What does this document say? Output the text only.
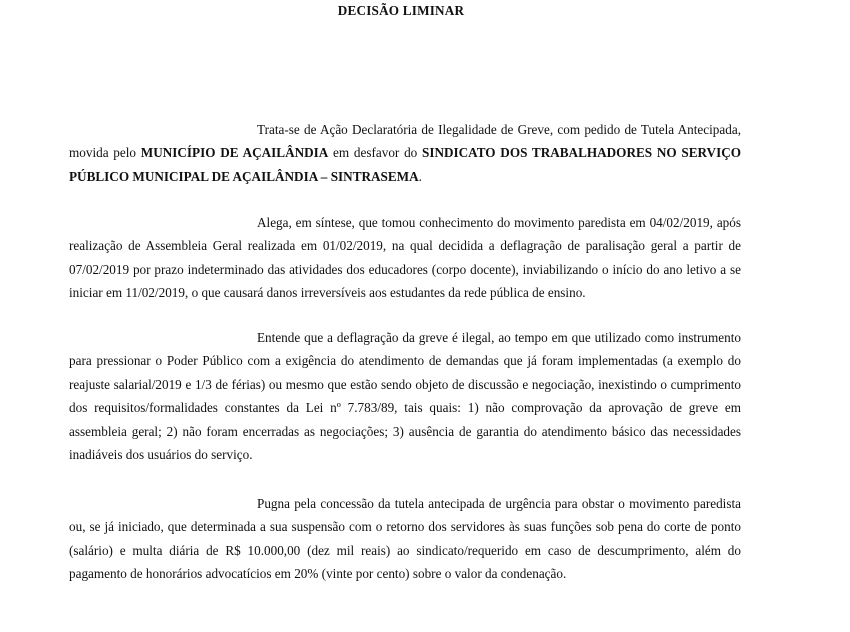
DECISÃO LIMINAR
Trata-se de Ação Declaratória de Ilegalidade de Greve, com pedido de Tutela Antecipada, movida pelo MUNICÍPIO DE AÇAILÂNDIA em desfavor do SINDICATO DOS TRABALHADORES NO SERVIÇO PÚBLICO MUNICIPAL DE AÇAILÂNDIA – SINTRASEMA.
Alega, em síntese, que tomou conhecimento do movimento paredista em 04/02/2019, após realização de Assembleia Geral realizada em 01/02/2019, na qual decidida a deflagração de paralisação geral a partir de 07/02/2019 por prazo indeterminado das atividades dos educadores (corpo docente), inviabilizando o início do ano letivo a se iniciar em 11/02/2019, o que causará danos irreversíveis aos estudantes da rede pública de ensino.
Entende que a deflagração da greve é ilegal, ao tempo em que utilizado como instrumento para pressionar o Poder Público com a exigência do atendimento de demandas que já foram implementadas (a exemplo do reajuste salarial/2019 e 1/3 de férias) ou mesmo que estão sendo objeto de discussão e negociação, inexistindo o cumprimento dos requisitos/formalidades constantes da Lei nº 7.783/89, tais quais: 1) não comprovação da aprovação de greve em assembleia geral; 2) não foram encerradas as negociações; 3) ausência de garantia do atendimento básico das necessidades inadiáveis dos usuários do serviço.
Pugna pela concessão da tutela antecipada de urgência para obstar o movimento paredista ou, se já iniciado, que determinada a sua suspensão com o retorno dos servidores às suas funções sob pena do corte de ponto (salário) e multa diária de R$ 10.000,00 (dez mil reais) ao sindicato/requerido em caso de descumprimento, além do pagamento de honorários advocatícios em 20% (vinte por cento) sobre o valor da condenação.
